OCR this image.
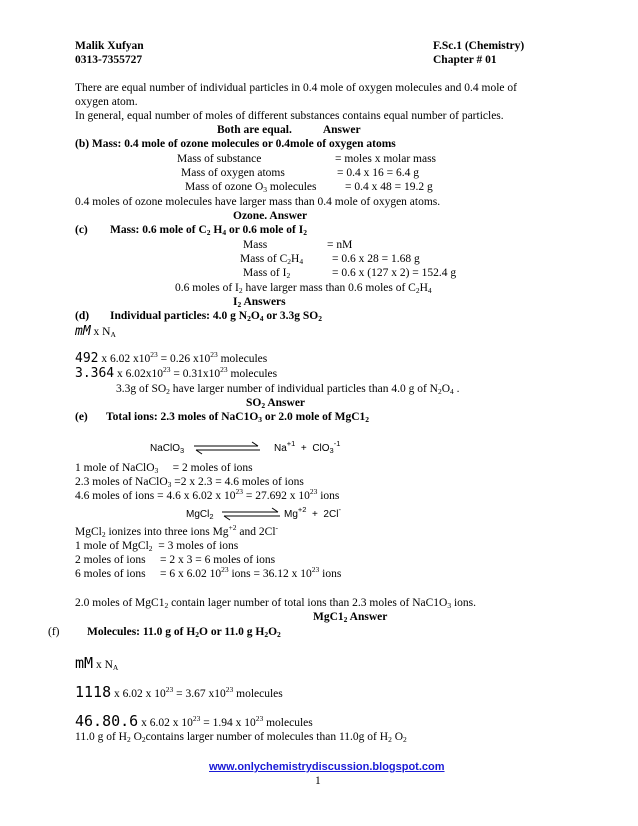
Malik Xufyan
0313-7355727
F.Sc.1 (Chemistry)
Chapter # 01
There are equal number of individual particles in 0.4 mole of oxygen molecules and 0.4 mole of
oxygen atom.
In general, equal number of moles of different substances contains equal number of particles.
Both are equal.           Answer
(b) Mass: 0.4 mole of ozone molecules or 0.4mole of oxygen atoms
Mass of substance	= moles x molar mass
Mass of oxygen atoms	= 0.4 x 16 = 6.4 g
Mass of ozone $O_3$ molecules = 0.4 x 48 = 19.2 g
0.4 moles of ozone molecules have larger mass than 0.4 mole of oxygen atoms.
Ozone. Answer
(c) Mass: 0.6 mole of $C_2$ $H_4$ or 0.6 mole of $I_2$
Mass	= nM
Mass of $C_2H_4$	= 0.6 x 28 = 1.68 g
Mass of $I_2$	= 0.6 x (127 x 2) = 152.4 g
0.6 moles of $I_2$ have larger mass than 0.6 moles of $C_2H_4$
$I_2$ Answers
(d) Individual particles: 4.0 g $N_2O_4$ or 3.3g $SO_2$
mM x $N_A$
492 x 6.02 $x10^{23} = 0.26$ $x10^{23}$ molecules
3.364 x $6.02x10^{23} = 0.31x10^{23}$ molecules
3.3g of $SO_2$ have larger number of individual particles than 4.0 g of $N_2O_4$ .
$SO_2$ Answer
(e) Total ions: 2.3 moles of $NaC1O_3$ or 2.0 mole of $MgC1_2$
NaClO$_3$	$Na^{+1} + ClO_3^{-1}$
1 mole of NaClO$_3$     = 2 moles of ions
2.3 moles of NaClO$_3$ =2 x 2.3 = 4.6 moles of ions
4.6 moles of ions = 4.6 x 6.02 x $10^{23} = 27.692$ x $10^{23}$ ions
MgCl$_2$	$Mg^{+2} + 2Cl^-$
MgCl$_2$ ionizes into three ions $Mg^{+2}$ and 2Cl-
1 mole of MgCl$_2$  = 3 moles of ions
2 moles of ions     = 2 x 3 = 6 moles of ions
6 moles of ions     = 6 x 6.02 $10^{23}$ ions = 36.12 x $10^{23}$ ions
2.0 moles of $MgC1_2$ contain lager number of total ions than 2.3 moles of $NaC1O_3$ ions.
$MgC1_2$ Answer
(f) Molecules: 11.0 g of $H_2O$ or 11.0 g $H_2O_2$
mM x $N_A$
1118 x 6.02 x $10^{23} = 3.67$ $x10^{23}$ molecules
46.80.6 x 6.02 x $10^{23} = 1.94$ x $10^{23}$ molecules
11.0 g of $H_2$ $O_2contains$ larger number of molecules than 11.0g of $H_2$ $O_2$
www.onlychemistrydiscussion.blogspot.com
1
